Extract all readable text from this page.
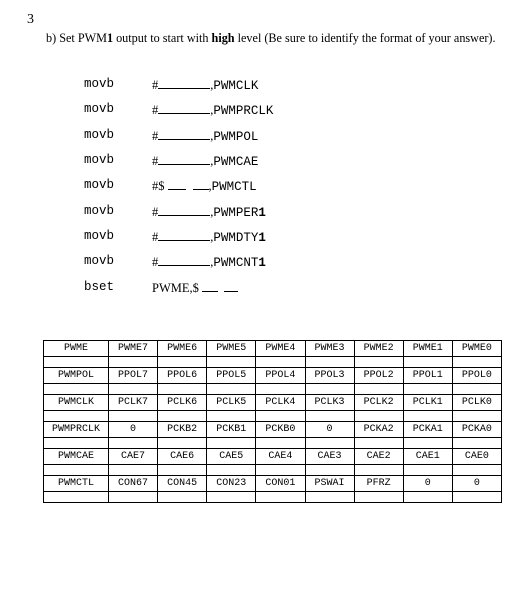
3
b) Set PWM1 output to start with high level (Be sure to identify the format of your answer).
movb	#	,PWMCLK
movb	#	,PWMPRCLK
movb	#	,PWMPOL
movb	#	,PWMCAE
movb	#$	,PWMCTL
movb	#	,PWMPER1
movb	#	,PWMDTY1
movb	#	,PWMCNT1
bset	PWME,$
PWME	PWME7	PWME6	PWME5	PWME4	PWME3	PWME2	PWME1	PWME0

PWMPOL	PPOL7	PPOL6	PPOL5	PPOL4	PPOL3	PPOL2	PPOL1	PPOL0

PWMCLK	PCLK7	PCLK6	PCLK5	PCLK4	PCLK3	PCLK2	PCLK1	PCLK0

PWMPRCLK	0	PCKB2	PCKB1	PCKB0	0	PCKA2	PCKA1	PCKA0

PWMCAE	CAE7	CAE6	CAE5	CAE4	CAE3	CAE2	CAE1	CAE0

PWMCTL	CON67	CON45	CON23	CON01	PSWAI	PFRZ	0	0
